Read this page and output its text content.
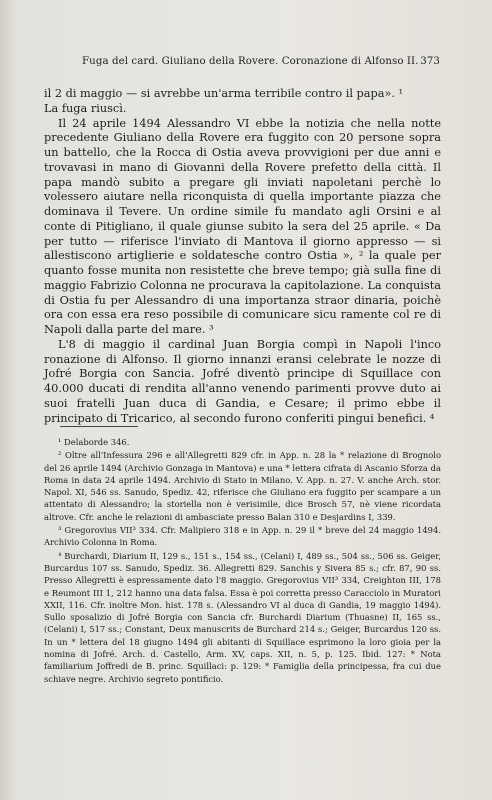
Fuga del card. Giuliano della Rovere. Coronazione di Alfonso II. 373

il 2 di maggio — si avrebbe un'arma terribile contro il papa». ¹
La fuga riuscì.

Il 24 aprile 1494 Alessandro VI ebbe la notizia che nella notte precedente Giuliano della Rovere era fuggito con 20 persone sopra un battello, che la Rocca di Ostia aveva provvigioni per due anni e trovavasi in mano di Giovanni della Rovere prefetto della città. Il papa mandò subito a pregare gli inviati napoletani perchè lo volessero aiutare nella riconquista di quella importante piazza che dominava il Tevere. Un ordine simile fu mandato agli Orsini e al conte di Pitigliano, il quale giunse subito la sera del 25 aprile. « Da per tutto — riferisce l'inviato di Mantova il giorno appresso — si allestiscono artiglierie e soldatesche contro Ostia », ² la quale per quanto fosse munita non resistette che breve tempo; già sulla fine di maggio Fabrizio Colonna ne procurava la capitolazione. La conquista di Ostia fu per Alessandro di una importanza straor dinaria, poichè ora con essa era reso possibile di comunicare sicu ramente col re di Napoli dalla parte del mare. ³

L'8 di maggio il cardinal Juan Borgia compì in Napoli l'inco ronazione di Alfonso. Il giorno innanzi eransi celebrate le nozze di Jofré Borgia con Sancia. Jofré diventò principe di Squillace con 40.000 ducati di rendita all'anno venendo parimenti provve duto ai suoi fratelli Juan duca di Gandia, e Cesare; il primo ebbe il principato di Tricarico, al secondo furono conferiti pingui benefici. ⁴

¹ Delaborde 346.

² Oltre all'Infessura 296 e all'Allegretti 829 cfr. in App. n. 28 la * relazione di Brognolo del 26 aprile 1494 (Archivio Gonzaga in Mantova) e una * lettera cifrata di Ascanio Sforza da Roma in data 24 aprile 1494. Archivio di Stato in Milano. V. App. n. 27. V. anche Arch. stor. Napol. XI, 546 ss. Sanudo, Spediz. 42, riferisce che Giuliano era fuggito per scampare a un attentato di Alessandro; la storiella non è verisimile, dice Brosch 57, nè viene ricordata altrove. Cfr. anche le relazioni di ambasciate presso Balan 310 e Desjardins I, 339.

³ Gregorovius VII³ 334. Cfr. Malipiero 318 e in App. n. 29 il * breve del 24 maggio 1494. Archivio Colonna in Roma.

⁴ Burchardi, Diarium II, 129 s., 151 s., 154 ss., (Celani) I, 489 ss., 504 ss., 506 ss. Geiger, Burcardus 107 ss. Sanudo, Spediz. 36. Allegretti 829. Sanchis y Sivera 85 s.; cfr. 87, 90 ss. Presso Allegretti è espressamente dato l'8 maggio. Gregorovius VII³ 334, Creighton III, 178 e Reumont III 1, 212 hanno una data falsa. Essa è poi corretta presso Caracciolo in Muratori XXII, 116. Cfr. inoltre Mon. hist. 178 s. (Alessandro VI al duca di Gandia, 19 maggio 1494). Sullo sposalizio di Jofré Borgia con Sancia cfr. Burchardi Diarium (Thuasne) II, 165 ss., (Celani) I, 517 ss.; Constant, Deux manuscrits de Burchard 214 s.; Geiger, Burcardus 120 ss. In un * lettera del 18 giugno 1494 gli abitanti di Squillace esprimono la loro gioia per la nomina di Jofré. Arch. d. Castello, Arm. XV, caps. XII, n. 5, p. 125. Ibid. 127: * Nota familiarium Joffredi de B. princ. Squillaci: p. 129: * Famiglia della principessa, fra cui due schiave negre. Archivio segreto pontificio.
